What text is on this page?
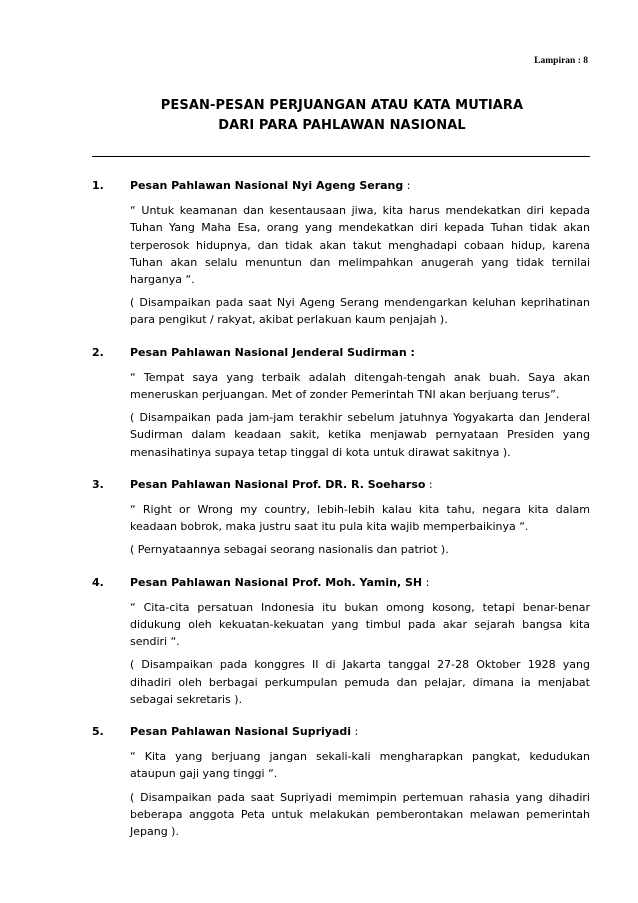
Lampiran : 8
PESAN-PESAN PERJUANGAN ATAU KATA MUTIARA
DARI PARA PAHLAWAN NASIONAL
1.	Pesan Pahlawan Nasional Nyi Ageng Serang :

“ Untuk keamanan dan kesentausaan jiwa, kita harus mendekatkan diri kepada Tuhan Yang Maha Esa, orang yang mendekatkan diri kepada Tuhan tidak akan terperosok hidupnya, dan tidak akan takut menghadapi cobaan hidup, karena Tuhan akan selalu menuntun dan melimpahkan anugerah yang tidak ternilai harganya “.

( Disampaikan pada saat Nyi Ageng Serang mendengarkan keluhan keprihatinan para pengikut / rakyat, akibat perlakuan kaum penjajah ).

2.	Pesan Pahlawan Nasional Jenderal Sudirman :

“ Tempat saya yang terbaik adalah ditengah-tengah anak buah. Saya akan meneruskan perjuangan. Met of zonder Pemerintah TNI akan berjuang terus”.

( Disampaikan pada jam-jam terakhir sebelum jatuhnya Yogyakarta dan Jenderal Sudirman dalam keadaan sakit, ketika menjawab pernyataan Presiden yang menasihatinya supaya tetap tinggal di kota untuk dirawat sakitnya ).

3.	Pesan Pahlawan Nasional Prof. DR. R. Soeharso :

“ Right or Wrong my country, lebih-lebih kalau kita tahu, negara kita dalam keadaan bobrok, maka justru saat itu pula kita wajib memperbaikinya “.

( Pernyataannya sebagai seorang nasionalis dan patriot ).

4.	Pesan Pahlawan Nasional Prof. Moh. Yamin, SH :

“ Cita-cita persatuan Indonesia itu bukan omong kosong, tetapi benar-benar didukung oleh kekuatan-kekuatan yang timbul pada akar sejarah bangsa kita sendiri “.

( Disampaikan pada konggres II di Jakarta tanggal 27-28 Oktober 1928 yang dihadiri oleh berbagai perkumpulan pemuda dan pelajar, dimana ia menjabat sebagai sekretaris ).

5.	Pesan Pahlawan Nasional Supriyadi :

“ Kita yang berjuang jangan sekali-kali mengharapkan pangkat, kedudukan ataupun gaji yang tinggi “.

( Disampaikan pada saat Supriyadi memimpin pertemuan rahasia yang dihadiri beberapa anggota Peta untuk melakukan pemberontakan melawan pemerintah Jepang ).
